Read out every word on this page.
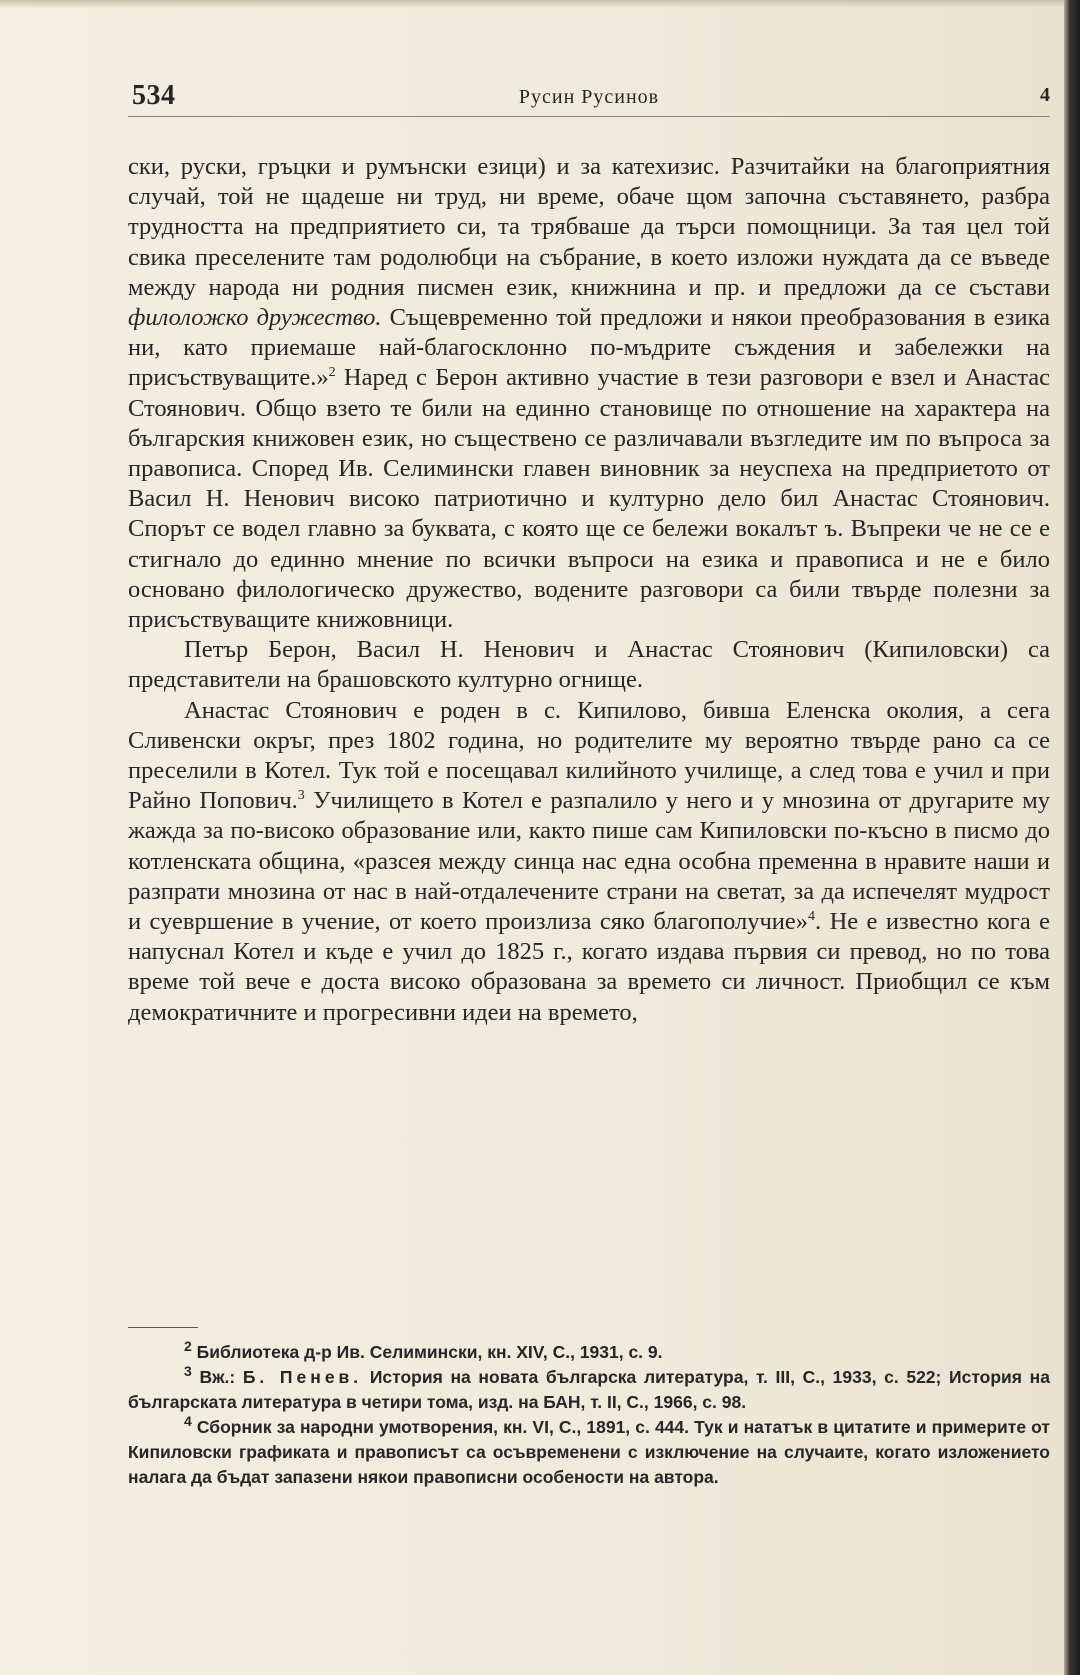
534	Русин Русинов	4

ски, руски, гръцки и румънски езици) и за катехизис. Разчитайки на благоприятния случай, той не щадеше ни труд, ни време, обаче щом започна съставянето, разбра трудността на предприятието си, та трябваше да търси помощници. За тая цел той свика преселените там родолюбци на събрание, в което изложи нуждата да се въведе между народа ни родния писмен език, книжнина и пр. и предложи да се състави филоложко дружество. Същевременно той предложи и някои преобразования в езика ни, като приемаше най-благосклонно по-мъдрите съждения и забележки на присъствуващите.»$^2$ Наред с Берон активно участие в тези разговори е взел и Анастас Стоянович. Общо взето те били на единно становище по отношение на характера на българския книжовен език, но съществено се различавали възгледите им по въпроса за правописа. Според Ив. Селимински главен виновник за неуспеха на предприетото от Васил Н. Ненович високо патриотично и културно дело бил Анастас Стоянович. Спорът се водел главно за буквата, с която ще се бележи вокалът ъ. Въпреки че не се е стигнало до единно мнение по всички въпроси на езика и правописа и не е било основано филологическо дружество, водените разговори са били твърде полезни за присъствуващите книжовници.

Петър Берон, Васил Н. Ненович и Анастас Стоянович (Кипиловски) са представители на брашовското културно огнище.

Анастас Стоянович е роден в с. Кипилово, бивша Еленска околия, а сега Сливенски окръг, през 1802 година, но родителите му вероятно твърде рано са се преселили в Котел. Тук той е посещавал килийното училище, а след това е учил и при Райно Попович.$^3$ Училището в Котел е разпалило у него и у мнозина от другарите му жажда за по-високо образование или, както пише сам Кипиловски по-късно в писмо до котленската община, «разсея между синца нас една особна пременна в нравите наши и разпрати мнозина от нас в най-отдалечените страни на светат, за да испечелят мудрост и суевршение в учение, от което произлиза сяко благополучие»$^4$. Не е известно кога е напуснал Котел и къде е учил до 1825 г., когато издава първия си превод, но по това време той вече е доста високо образована за времето си личност. Приобщил се към демократичните и прогресивни идеи на времето,

$^2$ Библиотека д-р Ив. Селимински, кн. XIV, С., 1931, с. 9.

$^3$ Вж.: Б. Пенев. История на новата българска литература, т. III, С., 1933, с. 522; История на българската литература в четири тома, изд. на БАН, т. II, С., 1966, с. 98.

$^4$ Сборник за народни умотворения, кн. VI, С., 1891, с. 444. Тук и нататък в цитатите и примерите от Кипиловски графиката и правописът са осъвременени с изключение на случаите, когато изложението налага да бъдат запазени някои правописни особености на автора.
